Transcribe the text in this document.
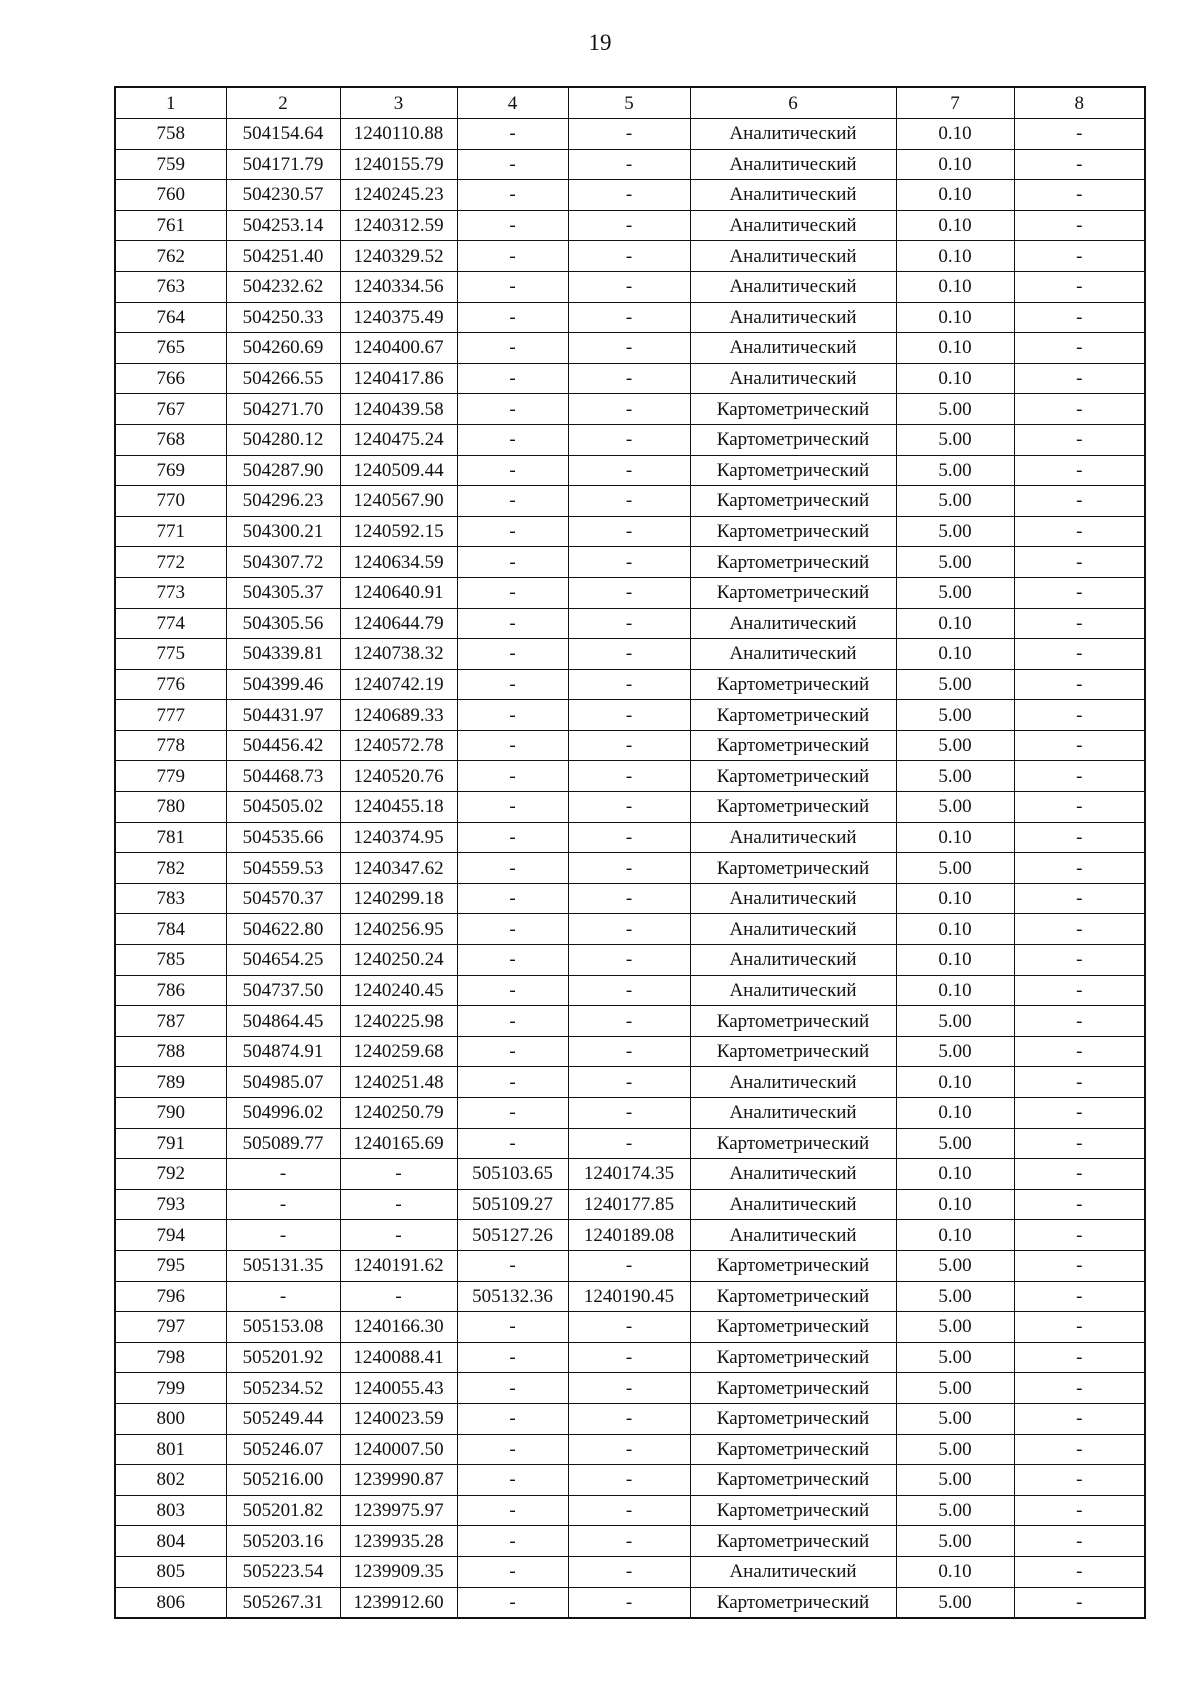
19
1	2	3	4	5	6	7	8
758	504154.64	1240110.88	-	-	Аналитический	0.10	-
759	504171.79	1240155.79	-	-	Аналитический	0.10	-
760	504230.57	1240245.23	-	-	Аналитический	0.10	-
761	504253.14	1240312.59	-	-	Аналитический	0.10	-
762	504251.40	1240329.52	-	-	Аналитический	0.10	-
763	504232.62	1240334.56	-	-	Аналитический	0.10	-
764	504250.33	1240375.49	-	-	Аналитический	0.10	-
765	504260.69	1240400.67	-	-	Аналитический	0.10	-
766	504266.55	1240417.86	-	-	Аналитический	0.10	-
767	504271.70	1240439.58	-	-	Картометрический	5.00	-
768	504280.12	1240475.24	-	-	Картометрический	5.00	-
769	504287.90	1240509.44	-	-	Картометрический	5.00	-
770	504296.23	1240567.90	-	-	Картометрический	5.00	-
771	504300.21	1240592.15	-	-	Картометрический	5.00	-
772	504307.72	1240634.59	-	-	Картометрический	5.00	-
773	504305.37	1240640.91	-	-	Картометрический	5.00	-
774	504305.56	1240644.79	-	-	Аналитический	0.10	-
775	504339.81	1240738.32	-	-	Аналитический	0.10	-
776	504399.46	1240742.19	-	-	Картометрический	5.00	-
777	504431.97	1240689.33	-	-	Картометрический	5.00	-
778	504456.42	1240572.78	-	-	Картометрический	5.00	-
779	504468.73	1240520.76	-	-	Картометрический	5.00	-
780	504505.02	1240455.18	-	-	Картометрический	5.00	-
781	504535.66	1240374.95	-	-	Аналитический	0.10	-
782	504559.53	1240347.62	-	-	Картометрический	5.00	-
783	504570.37	1240299.18	-	-	Аналитический	0.10	-
784	504622.80	1240256.95	-	-	Аналитический	0.10	-
785	504654.25	1240250.24	-	-	Аналитический	0.10	-
786	504737.50	1240240.45	-	-	Аналитический	0.10	-
787	504864.45	1240225.98	-	-	Картометрический	5.00	-
788	504874.91	1240259.68	-	-	Картометрический	5.00	-
789	504985.07	1240251.48	-	-	Аналитический	0.10	-
790	504996.02	1240250.79	-	-	Аналитический	0.10	-
791	505089.77	1240165.69	-	-	Картометрический	5.00	-
792	-	-	505103.65	1240174.35	Аналитический	0.10	-
793	-	-	505109.27	1240177.85	Аналитический	0.10	-
794	-	-	505127.26	1240189.08	Аналитический	0.10	-
795	505131.35	1240191.62	-	-	Картометрический	5.00	-
796	-	-	505132.36	1240190.45	Картометрический	5.00	-
797	505153.08	1240166.30	-	-	Картометрический	5.00	-
798	505201.92	1240088.41	-	-	Картометрический	5.00	-
799	505234.52	1240055.43	-	-	Картометрический	5.00	-
800	505249.44	1240023.59	-	-	Картометрический	5.00	-
801	505246.07	1240007.50	-	-	Картометрический	5.00	-
802	505216.00	1239990.87	-	-	Картометрический	5.00	-
803	505201.82	1239975.97	-	-	Картометрический	5.00	-
804	505203.16	1239935.28	-	-	Картометрический	5.00	-
805	505223.54	1239909.35	-	-	Аналитический	0.10	-
806	505267.31	1239912.60	-	-	Картометрический	5.00	-
